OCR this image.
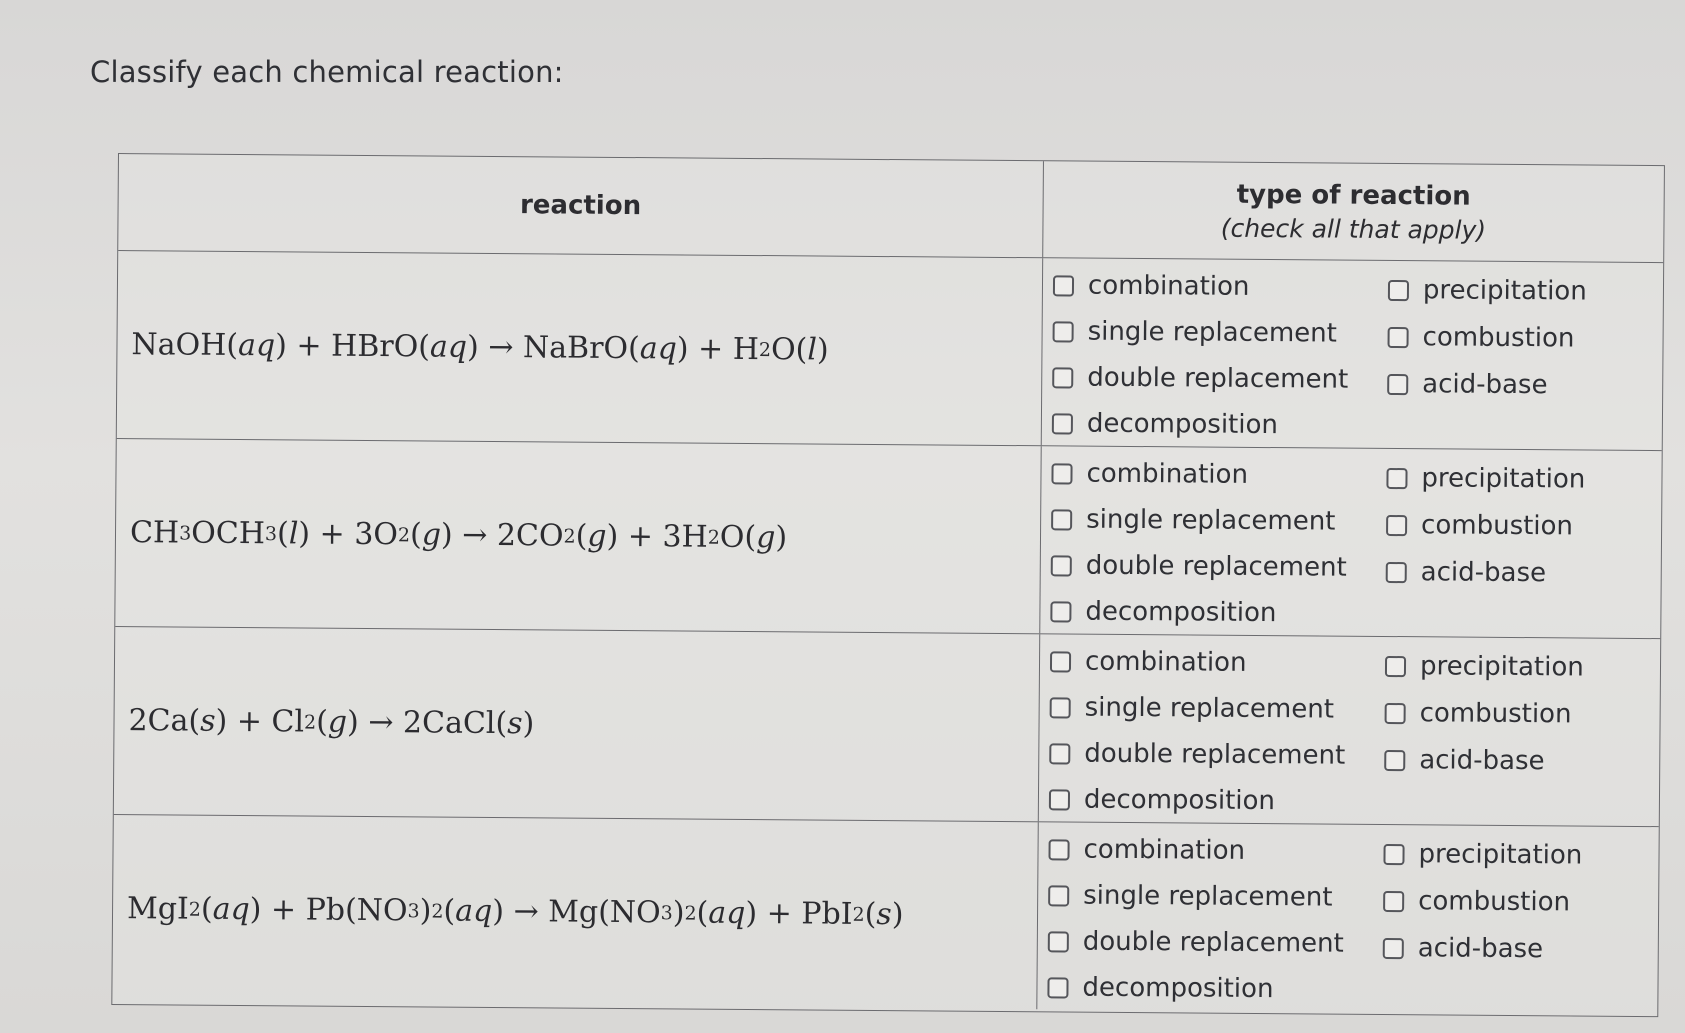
Classify each chemical reaction:
reaction	type of reaction
(check all that apply)
NaOH( aq ) + HBrO( aq ) → NaBrO( aq ) + H 2 O( l )
combination
single replacement
double replacement
decomposition
precipitation
combustion
acid-base
CH 3 OCH 3 ( l ) + 3O 2 ( g ) → 2CO 2 ( g ) + 3H 2 O( g )
combination
single replacement
double replacement
decomposition
precipitation
combustion
acid-base
2Ca( s ) + Cl 2 ( g ) → 2CaCl( s )
combination
single replacement
double replacement
decomposition
precipitation
combustion
acid-base
MgI 2 ( aq ) + Pb(NO 3 ) 2 ( aq ) → Mg(NO 3 ) 2 ( aq ) + PbI 2 ( s )
combination
single replacement
double replacement
decomposition
precipitation
combustion
acid-base
